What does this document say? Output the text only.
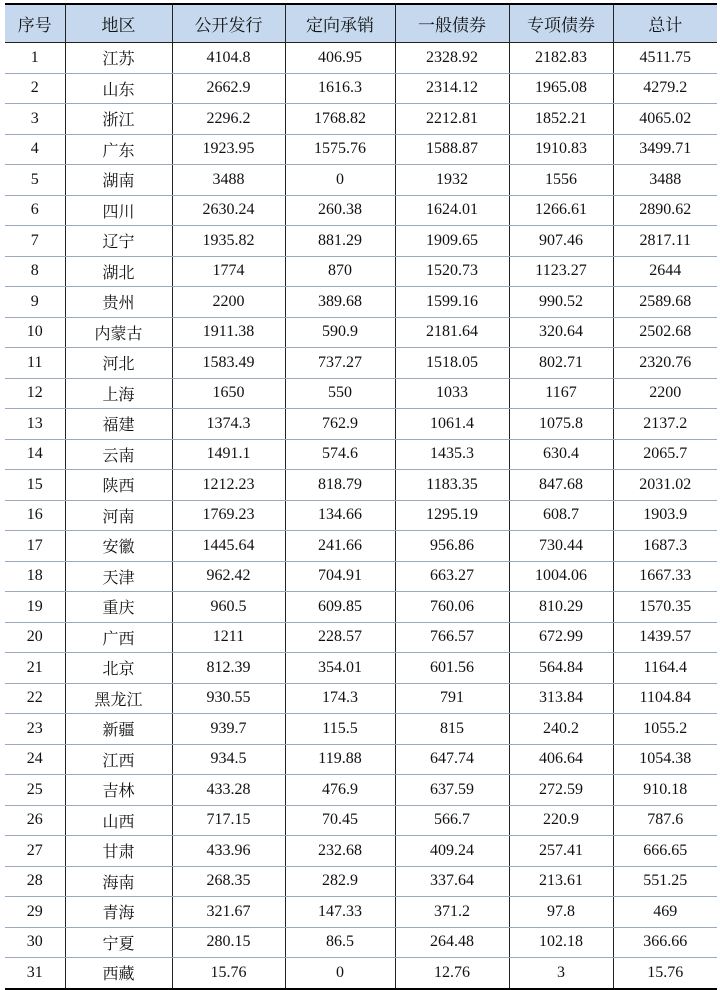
序号	地区	公开发行	定向承销	一般债券	专项债券	总计
1	江苏	4104.8	406.95	2328.92	2182.83	4511.75
2	山东	2662.9	1616.3	2314.12	1965.08	4279.2
3	浙江	2296.2	1768.82	2212.81	1852.21	4065.02
4	广东	1923.95	1575.76	1588.87	1910.83	3499.71
5	湖南	3488	0	1932	1556	3488
6	四川	2630.24	260.38	1624.01	1266.61	2890.62
7	辽宁	1935.82	881.29	1909.65	907.46	2817.11
8	湖北	1774	870	1520.73	1123.27	2644
9	贵州	2200	389.68	1599.16	990.52	2589.68
10	内蒙古	1911.38	590.9	2181.64	320.64	2502.68
11	河北	1583.49	737.27	1518.05	802.71	2320.76
12	上海	1650	550	1033	1167	2200
13	福建	1374.3	762.9	1061.4	1075.8	2137.2
14	云南	1491.1	574.6	1435.3	630.4	2065.7
15	陕西	1212.23	818.79	1183.35	847.68	2031.02
16	河南	1769.23	134.66	1295.19	608.7	1903.9
17	安徽	1445.64	241.66	956.86	730.44	1687.3
18	天津	962.42	704.91	663.27	1004.06	1667.33
19	重庆	960.5	609.85	760.06	810.29	1570.35
20	广西	1211	228.57	766.57	672.99	1439.57
21	北京	812.39	354.01	601.56	564.84	1164.4
22	黑龙江	930.55	174.3	791	313.84	1104.84
23	新疆	939.7	115.5	815	240.2	1055.2
24	江西	934.5	119.88	647.74	406.64	1054.38
25	吉林	433.28	476.9	637.59	272.59	910.18
26	山西	717.15	70.45	566.7	220.9	787.6
27	甘肃	433.96	232.68	409.24	257.41	666.65
28	海南	268.35	282.9	337.64	213.61	551.25
29	青海	321.67	147.33	371.2	97.8	469
30	宁夏	280.15	86.5	264.48	102.18	366.66
31	西藏	15.76	0	12.76	3	15.76
